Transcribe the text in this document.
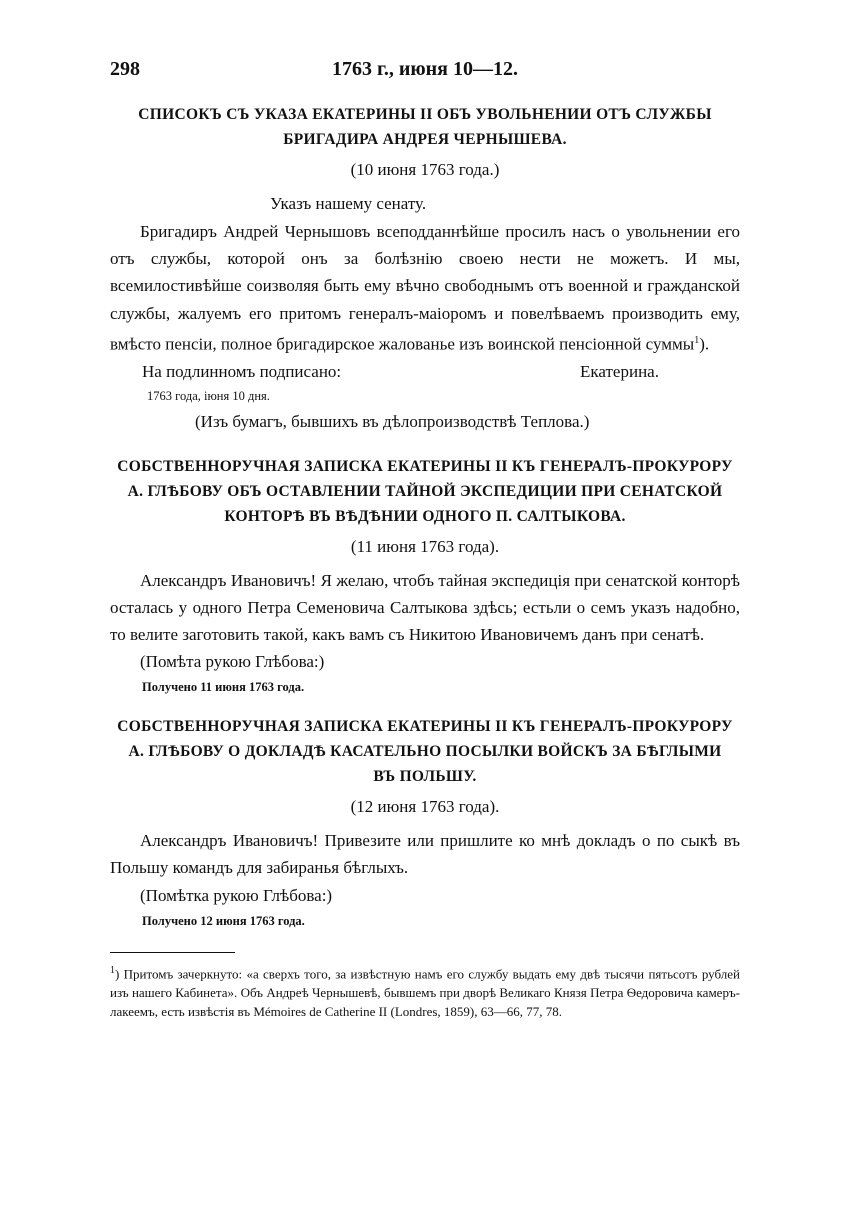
298	1763 г., июня 10—12.
СПИСОКЪ СЪ УКАЗА ЕКАТЕРИНЫ II ОБЪ УВОЛЬНЕНИИ ОТЪ СЛУЖБЫ
БРИГАДИРА АНДРЕЯ ЧЕРНЫШЕВА.
(10 июня 1763 года.)
Указъ нашему сенату.

Бригадиръ Андрей Чернышовъ всеподданнѣйше просилъ насъ о увольнении его отъ службы, которой онъ за болѣзнію своею нести не можетъ. И мы, всемилостивѣйше соизволяя быть ему вѣчно свободнымъ отъ военной и гражданской службы, жалуемъ его притомъ генералъ-маіоромъ и повелѣваемъ производить ему, вмѣсто пенсіи, полное бригадирское жалованье изъ воинской пенсіонной суммы$^1$).

На подлинномъ подписано:	Екатерина.
1763 года, іюня 10 дня.
(Изъ бумагъ, бывшихъ въ дѣлопроизводствѣ Теплова.)
СОБСТВЕННОРУЧНАЯ ЗАПИСКА ЕКАТЕРИНЫ II КЪ ГЕНЕРАЛЪ-ПРОКУРОРУ
А. ГЛѢБОВУ ОБЪ ОСТАВЛЕНИИ ТАЙНОЙ ЭКСПЕДИЦИИ ПРИ СЕНАТСКОЙ
КОНТОРѢ ВЪ ВѢДѢНИИ ОДНОГО П. САЛТЫКОВА.
(11 июня 1763 года).

Александръ Ивановичъ! Я желаю, чтобъ тайная экспедиція при сенатской конторѣ осталась у одного Петра Семеновича Салтыкова здѣсь; естьли о семъ указъ надобно, то велите заготовить такой, какъ вамъ съ Никитою Ивановичемъ данъ при сенатѣ.

(Помѣта рукою Глѣбова:)
Получено 11 июня 1763 года.
СОБСТВЕННОРУЧНАЯ ЗАПИСКА ЕКАТЕРИНЫ II КЪ ГЕНЕРАЛЪ-ПРОКУРОРУ
А. ГЛѢБОВУ О ДОКЛАДѢ КАСАТЕЛЬНО ПОСЫЛКИ ВОЙСКЪ ЗА БѢГЛЫМИ
ВЪ ПОЛЬШУ.
(12 июня 1763 года).

Александръ Ивановичъ! Привезите или пришлите ко мнѣ докладъ о по сыкѣ въ Польшу командъ для забиранья бѣглыхъ.

(Помѣтка рукою Глѣбова:)
Получено 12 июня 1763 года.

$^1$) Притомъ зачеркнуто: «а сверхъ того, за извѣстную намъ его службу выдать ему двѣ тысячи пятьсотъ рублей изъ нашего Кабинета». Объ Андреѣ Чернышевѣ, бывшемъ при дворѣ Великаго Князя Петра Ѳедоровича камеръ-лакеемъ, есть извѣстія въ Mémoires de Catherine II (Londres, 1859), 63—66, 77, 78.
